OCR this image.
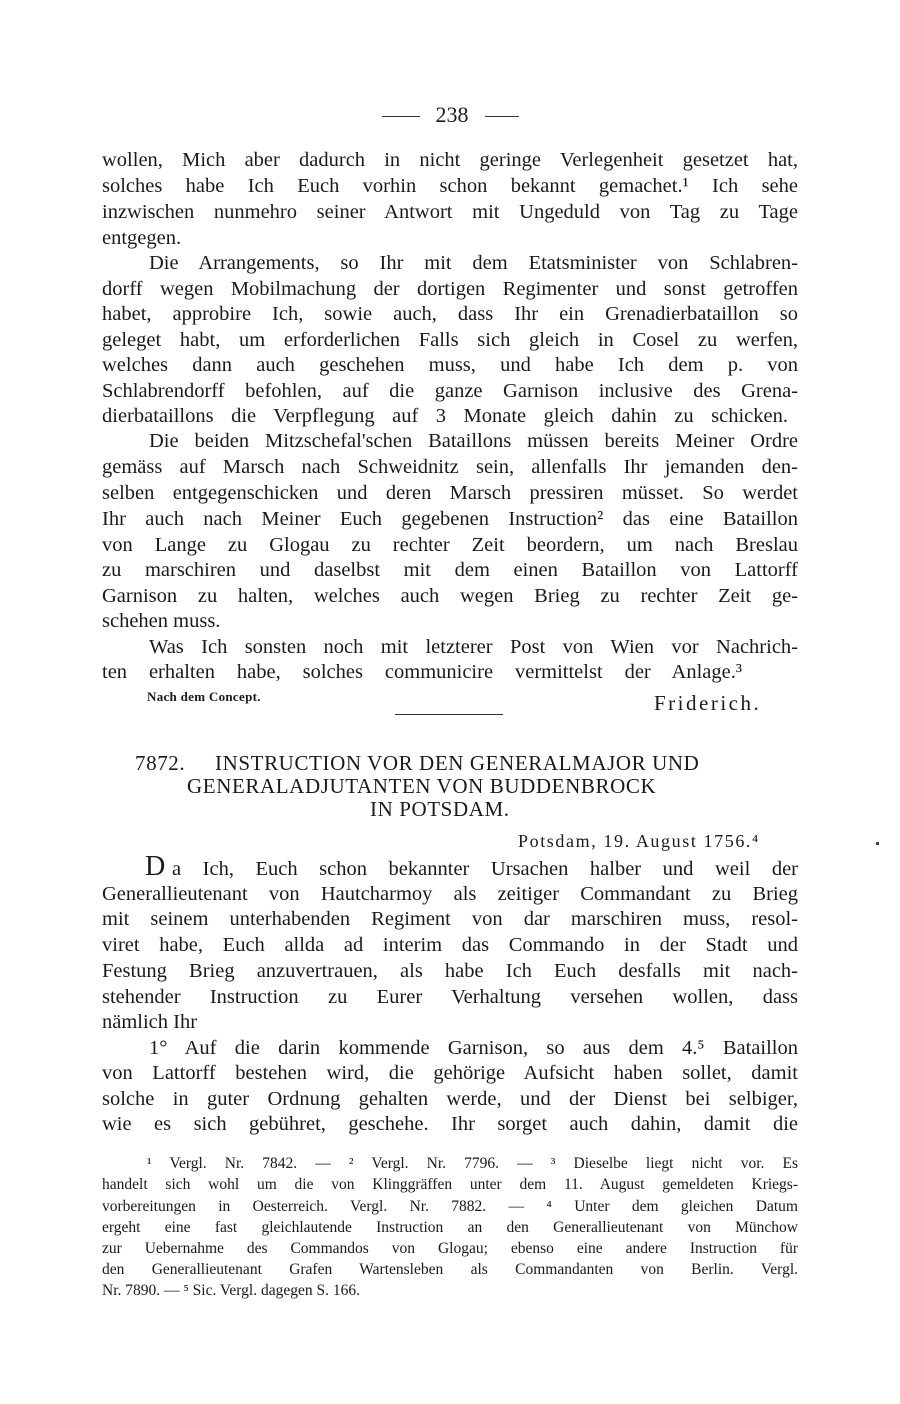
238
wollen, Mich aber dadurch in nicht geringe Verlegenheit gesetzet hat,
solches habe Ich Euch vorhin schon bekannt gemachet.¹ Ich sehe
inzwischen nunmehro seiner Antwort mit Ungeduld von Tag zu Tage
entgegen.
Die Arrangements, so Ihr mit dem Etatsminister von Schlabren-
dorff wegen Mobilmachung der dortigen Regimenter und sonst getroffen
habet, approbire Ich, sowie auch, dass Ihr ein Grenadierbataillon so
geleget habt, um erforderlichen Falls sich gleich in Cosel zu werfen,
welches dann auch geschehen muss, und habe Ich dem p. von
Schlabrendorff befohlen, auf die ganze Garnison inclusive des Grena-
dierbataillons die Verpflegung auf 3 Monate gleich dahin zu schicken.
Die beiden Mitzschefal'schen Bataillons müssen bereits Meiner Ordre
gemäss auf Marsch nach Schweidnitz sein, allenfalls Ihr jemanden den-
selben entgegenschicken und deren Marsch pressiren müsset. So werdet
Ihr auch nach Meiner Euch gegebenen Instruction² das eine Bataillon
von Lange zu Glogau zu rechter Zeit beordern, um nach Breslau
zu marschiren und daselbst mit dem einen Bataillon von Lattorff
Garnison zu halten, welches auch wegen Brieg zu rechter Zeit ge-
schehen muss.
Was Ich sonsten noch mit letzterer Post von Wien vor Nachrich-
ten erhalten habe, solches communicire vermittelst der Anlage.³
Nach dem Concept.	Friderich.
7872. INSTRUCTION VOR DEN GENERALMAJOR UND
GENERALADJUTANTEN VON BUDDENBROCK
IN POTSDAM.
Potsdam, 19. August 1756.⁴
D a Ich, Euch schon bekannter Ursachen halber und weil der
Generallieutenant von Hautcharmoy als zeitiger Commandant zu Brieg
mit seinem unterhabenden Regiment von dar marschiren muss, resol-
viret habe, Euch allda ad interim das Commando in der Stadt und
Festung Brieg anzuvertrauen, als habe Ich Euch desfalls mit nach-
stehender Instruction zu Eurer Verhaltung versehen wollen, dass
nämlich Ihr
1° Auf die darin kommende Garnison, so aus dem 4.⁵ Bataillon
von Lattorff bestehen wird, die gehörige Aufsicht haben sollet, damit
solche in guter Ordnung gehalten werde, und der Dienst bei selbiger,
wie es sich gebühret, geschehe. Ihr sorget auch dahin, damit die
¹ Vergl. Nr. 7842. — ² Vergl. Nr. 7796. — ³ Dieselbe liegt nicht vor. Es
handelt sich wohl um die von Klinggräffen unter dem 11. August gemeldeten Kriegs-
vorbereitungen in Oesterreich. Vergl. Nr. 7882. — ⁴ Unter dem gleichen Datum
ergeht eine fast gleichlautende Instruction an den Generallieutenant von Münchow
zur Uebernahme des Commandos von Glogau; ebenso eine andere Instruction für
den Generallieutenant Grafen Wartensleben als Commandanten von Berlin. Vergl.
Nr. 7890. — ⁵ Sic. Vergl. dagegen S. 166.
